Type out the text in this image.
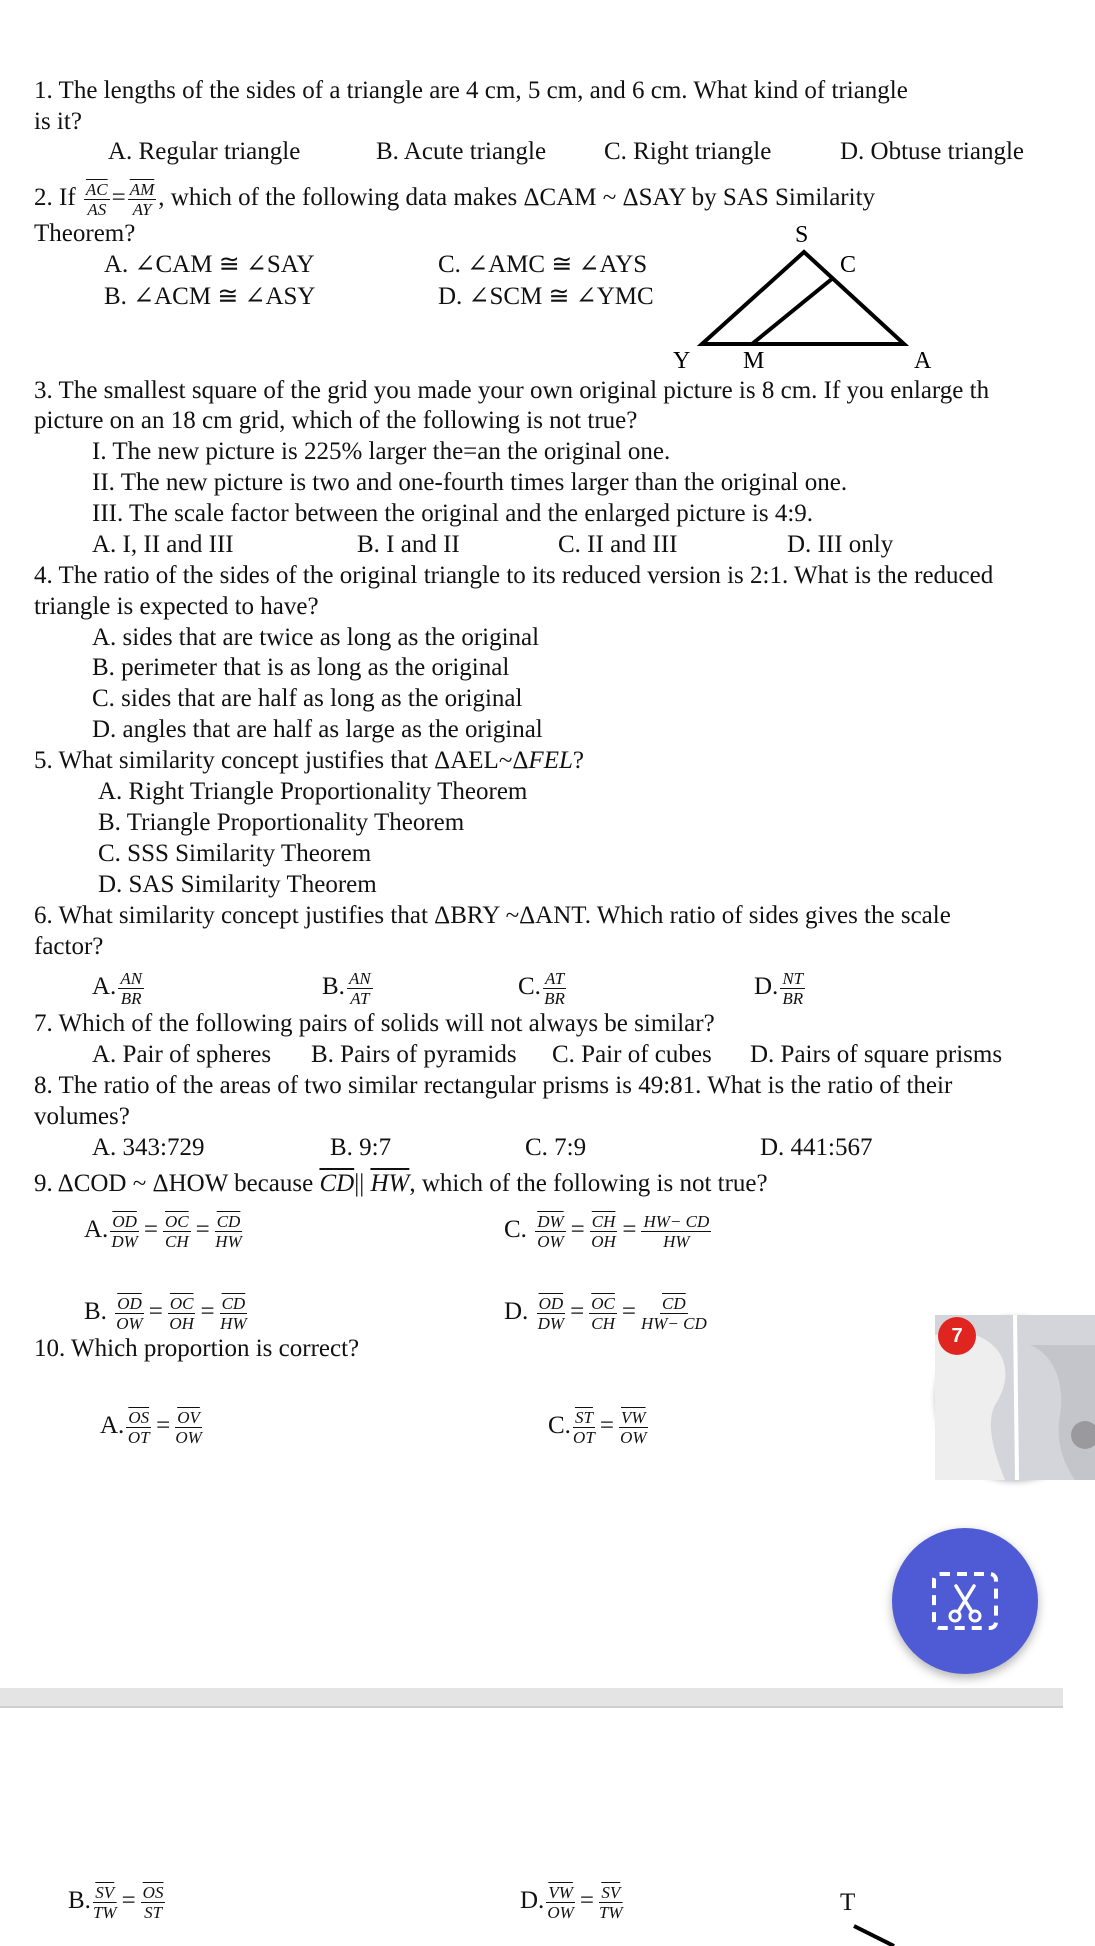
1. The lengths of the sides of a triangle are 4 cm, 5 cm, and 6 cm. What kind of triangle
is it?
A. Regular triangle	B. Acute triangle C. Right triangle	D. Obtuse triangle
2. If $\frac{\overline{AC}}{AS} = \frac{\overline{AM}}{AY}$ , which of the following data makes ΔCAM ~ ΔSAY by SAS Similarity
Theorem?
A. ∠CAM ≅ ∠SAY
B. ∠ACM ≅ ∠ASY
C. ∠AMC ≅ ∠AYS
D. ∠SCM ≅ ∠YMC
S
C
Y M	A
3. The smallest square of the grid you made your own original picture is 8 cm. If you enlarge th
picture on an 18 cm grid, which of the following is not true?
I. The new picture is 225% larger the=an the original one.
II. The new picture is two and one-fourth times larger than the original one.
III. The scale factor between the original and the enlarged picture is 4:9.
A. I, II and III	B. I and II	C. II and III	D. III only
4. The ratio of the sides of the original triangle to its reduced version is 2:1. What is the reduced
triangle is expected to have?
A. sides that are twice as long as the original
B. perimeter that is as long as the original
C. sides that are half as long as the original
D. angles that are half as large as the original
5. What similarity concept justifies that ΔAEL~ΔFEL?
A. Right Triangle Proportionality Theorem
B. Triangle Proportionality Theorem
C. SSS Similarity Theorem
D. SAS Similarity Theorem
6. What similarity concept justifies that ΔBRY ~ΔANT. Which ratio of sides gives the scale
factor?
A. $\frac{AN}{BR}$	B. $\frac{AN}{AT}$	C. $\frac{AT}{BR}$	D. $\frac{NT}{BR}$
7. Which of the following pairs of solids will not always be similar?
A. Pair of spheres B. Pairs of pyramids C. Pair of cubes D. Pairs of square prisms
8. The ratio of the areas of two similar rectangular prisms is 49:81. What is the ratio of their
volumes?
A. 343:729	B. 9:7	C. 7:9	D. 441:567
9. ΔCOD ~ ΔHOW because $\overline{CD}||$ $\overline{HW}$, which of the following is not true?
A. $\frac{\overline{OD}}{DW} = \frac{\overline{OC}}{CH} = \frac{\overline{CD}}{HW}$	C. $\frac{\overline{DW}}{OW} = \frac{\overline{CH}}{OH} = \frac{HW- CD}{HW}$
B. $\frac{\overline{OD}}{OW} = \frac{\overline{OC}}{OH} = \frac{\overline{CD}}{HW}$	D. $\frac{\overline{OD}}{DW} = \frac{\overline{OC}}{CH} = \frac{\overline{CD}}{HW- CD}$
10. Which proportion is correct?
A. $\frac{\overline{OS}}{OT} = \frac{\overline{OV}}{OW}$	C. $\frac{\overline{ST}}{OT} = \frac{\overline{VW}}{OW}$
7
B. $\frac{\overline{SV}}{TW} = \frac{\overline{OS}}{ST}$	D. $\frac{\overline{VW}}{OW} = \frac{\overline{SV}}{TW}$	T
